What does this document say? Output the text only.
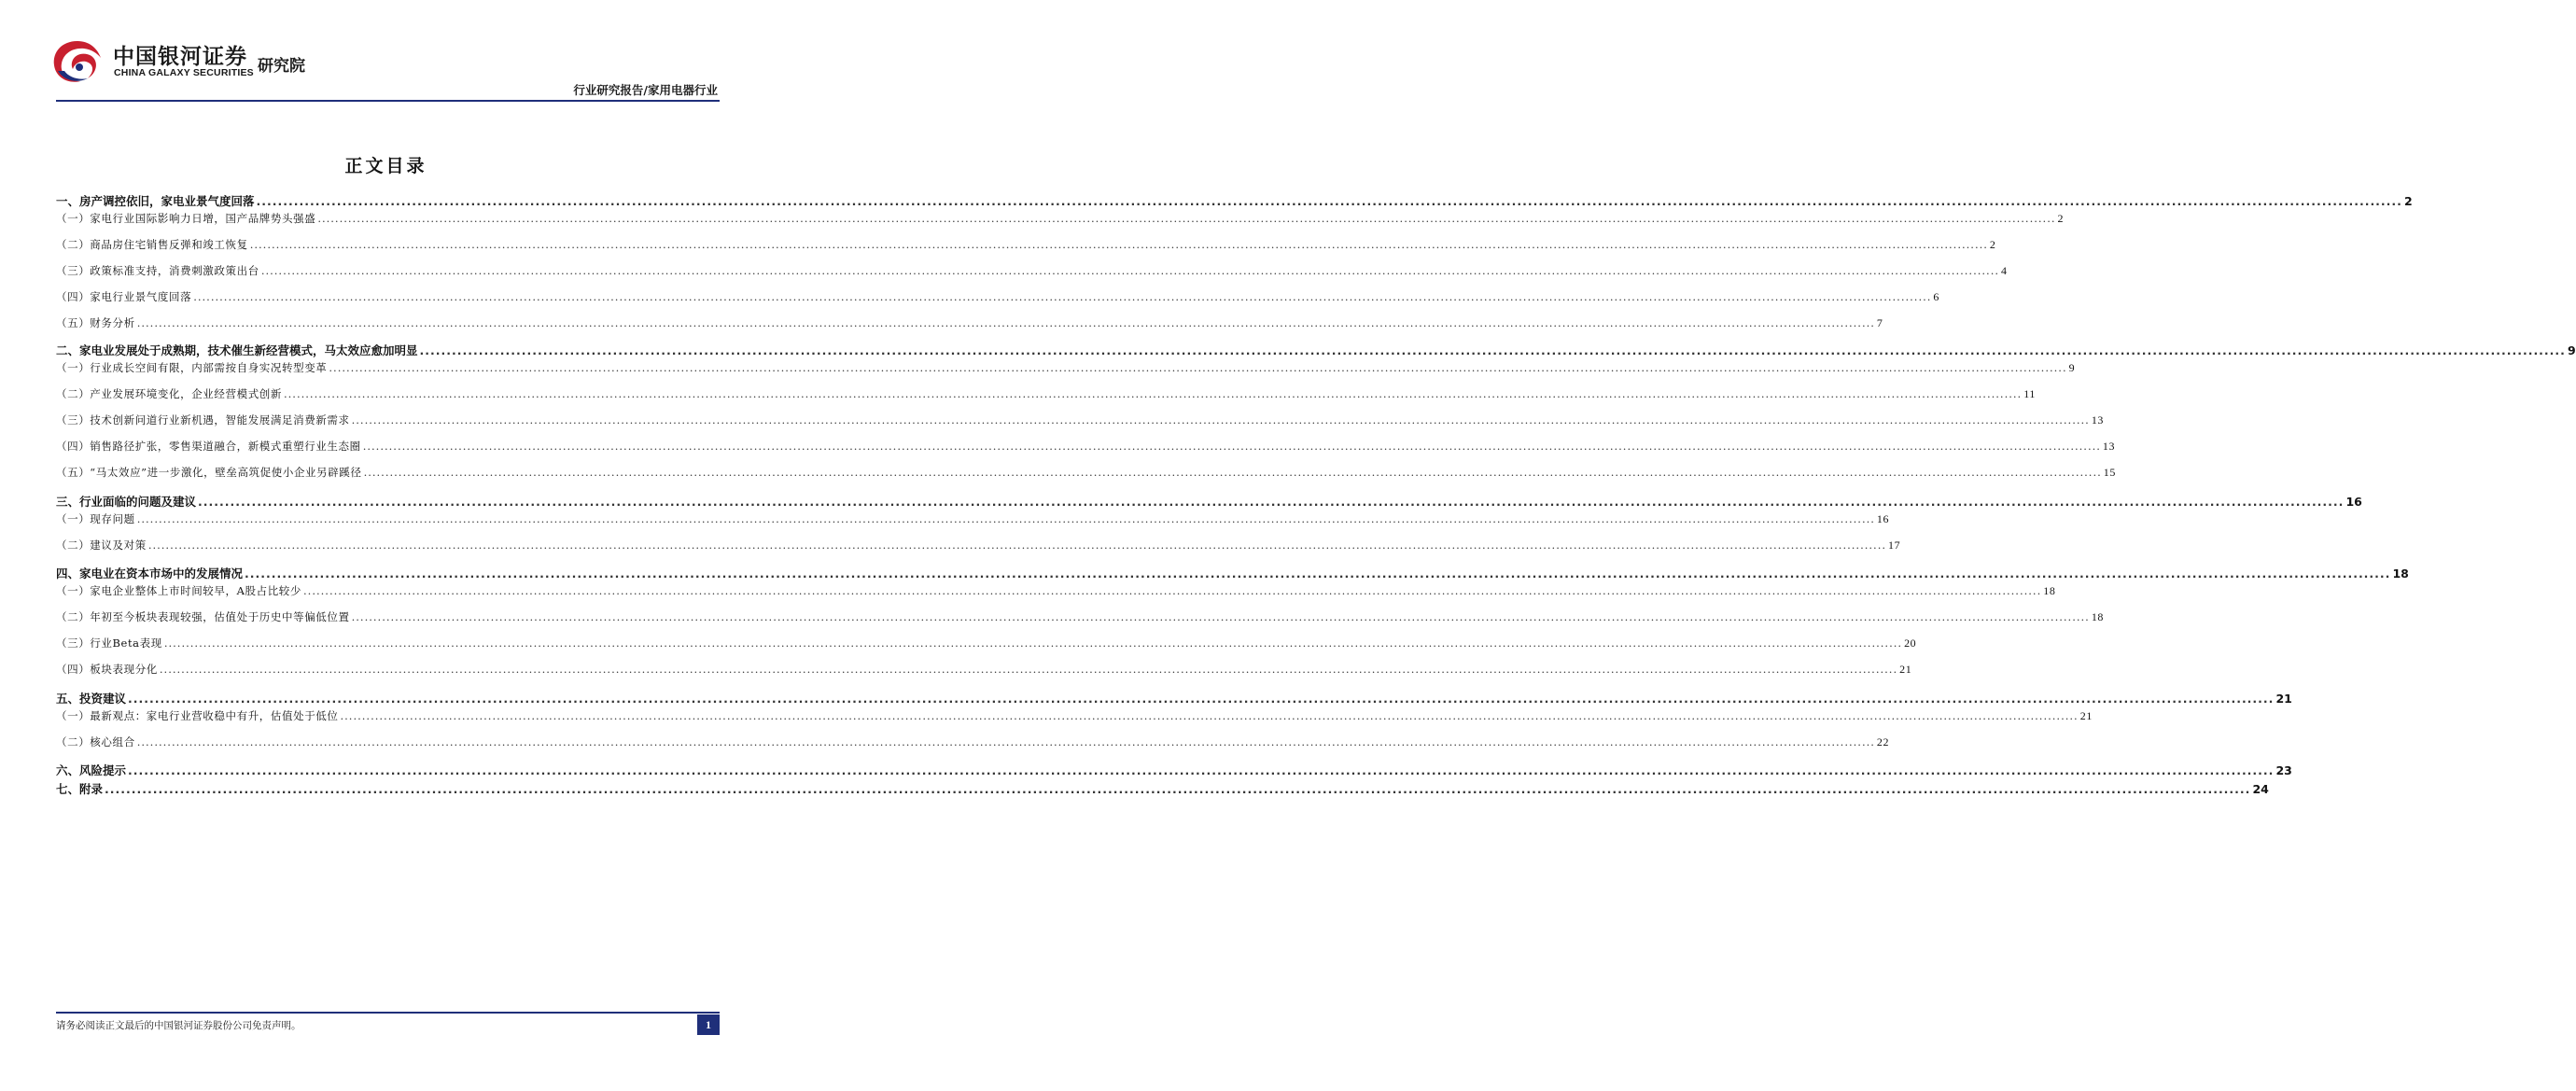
中国银河证券
CHINA GALAXY SECURITIES 研究院
行业研究报告/家用电器行业
正文目录
一、房产调控依旧，家电业景气度回落 ................................................................................................................................................................................................................................................................................................................................................................................................................ 2
（一）家电行业国际影响力日增，国产品牌势头强盛 ................................................................................................................................................................................................................................................................................................................................................................................................................ 2
（二）商品房住宅销售反弹和竣工恢复 ................................................................................................................................................................................................................................................................................................................................................................................................................ 2
（三）政策标准支持，消费刺激政策出台 ................................................................................................................................................................................................................................................................................................................................................................................................................ 4
（四）家电行业景气度回落 ................................................................................................................................................................................................................................................................................................................................................................................................................ 6
（五）财务分析 ................................................................................................................................................................................................................................................................................................................................................................................................................ 7
二、家电业发展处于成熟期，技术催生新经营模式，马太效应愈加明显 ................................................................................................................................................................................................................................................................................................................................................................................................................ 9
（一）行业成长空间有限，内部需按自身实况转型变革 ................................................................................................................................................................................................................................................................................................................................................................................................................ 9
（二）产业发展环境变化，企业经营模式创新 ................................................................................................................................................................................................................................................................................................................................................................................................................ 11
（三）技术创新问道行业新机遇，智能发展满足消费新需求 ................................................................................................................................................................................................................................................................................................................................................................................................................ 13
（四）销售路径扩张，零售渠道融合，新模式重塑行业生态圈 ................................................................................................................................................................................................................................................................................................................................................................................................................ 13
（五）“马太效应”进一步激化，壁垒高筑促使小企业另辟蹊径 ................................................................................................................................................................................................................................................................................................................................................................................................................ 15
三、行业面临的问题及建议 ................................................................................................................................................................................................................................................................................................................................................................................................................ 16
（一）现存问题 ................................................................................................................................................................................................................................................................................................................................................................................................................ 16
（二）建议及对策 ................................................................................................................................................................................................................................................................................................................................................................................................................ 17
四、家电业在资本市场中的发展情况 ................................................................................................................................................................................................................................................................................................................................................................................................................ 18
（一）家电企业整体上市时间较早，A股占比较少 ................................................................................................................................................................................................................................................................................................................................................................................................................ 18
（二）年初至今板块表现较强，估值处于历史中等偏低位置 ................................................................................................................................................................................................................................................................................................................................................................................................................ 18
（三）行业Beta表现 ................................................................................................................................................................................................................................................................................................................................................................................................................ 20
（四）板块表现分化 ................................................................................................................................................................................................................................................................................................................................................................................................................ 21
五、投资建议 ................................................................................................................................................................................................................................................................................................................................................................................................................ 21
（一）最新观点：家电行业营收稳中有升，估值处于低位 ................................................................................................................................................................................................................................................................................................................................................................................................................ 21
（二）核心组合 ................................................................................................................................................................................................................................................................................................................................................................................................................ 22
六、风险提示 ................................................................................................................................................................................................................................................................................................................................................................................................................ 23
七、附录 ................................................................................................................................................................................................................................................................................................................................................................................................................ 24
请务必阅读正文最后的中国银河证券股份公司免责声明。	1
